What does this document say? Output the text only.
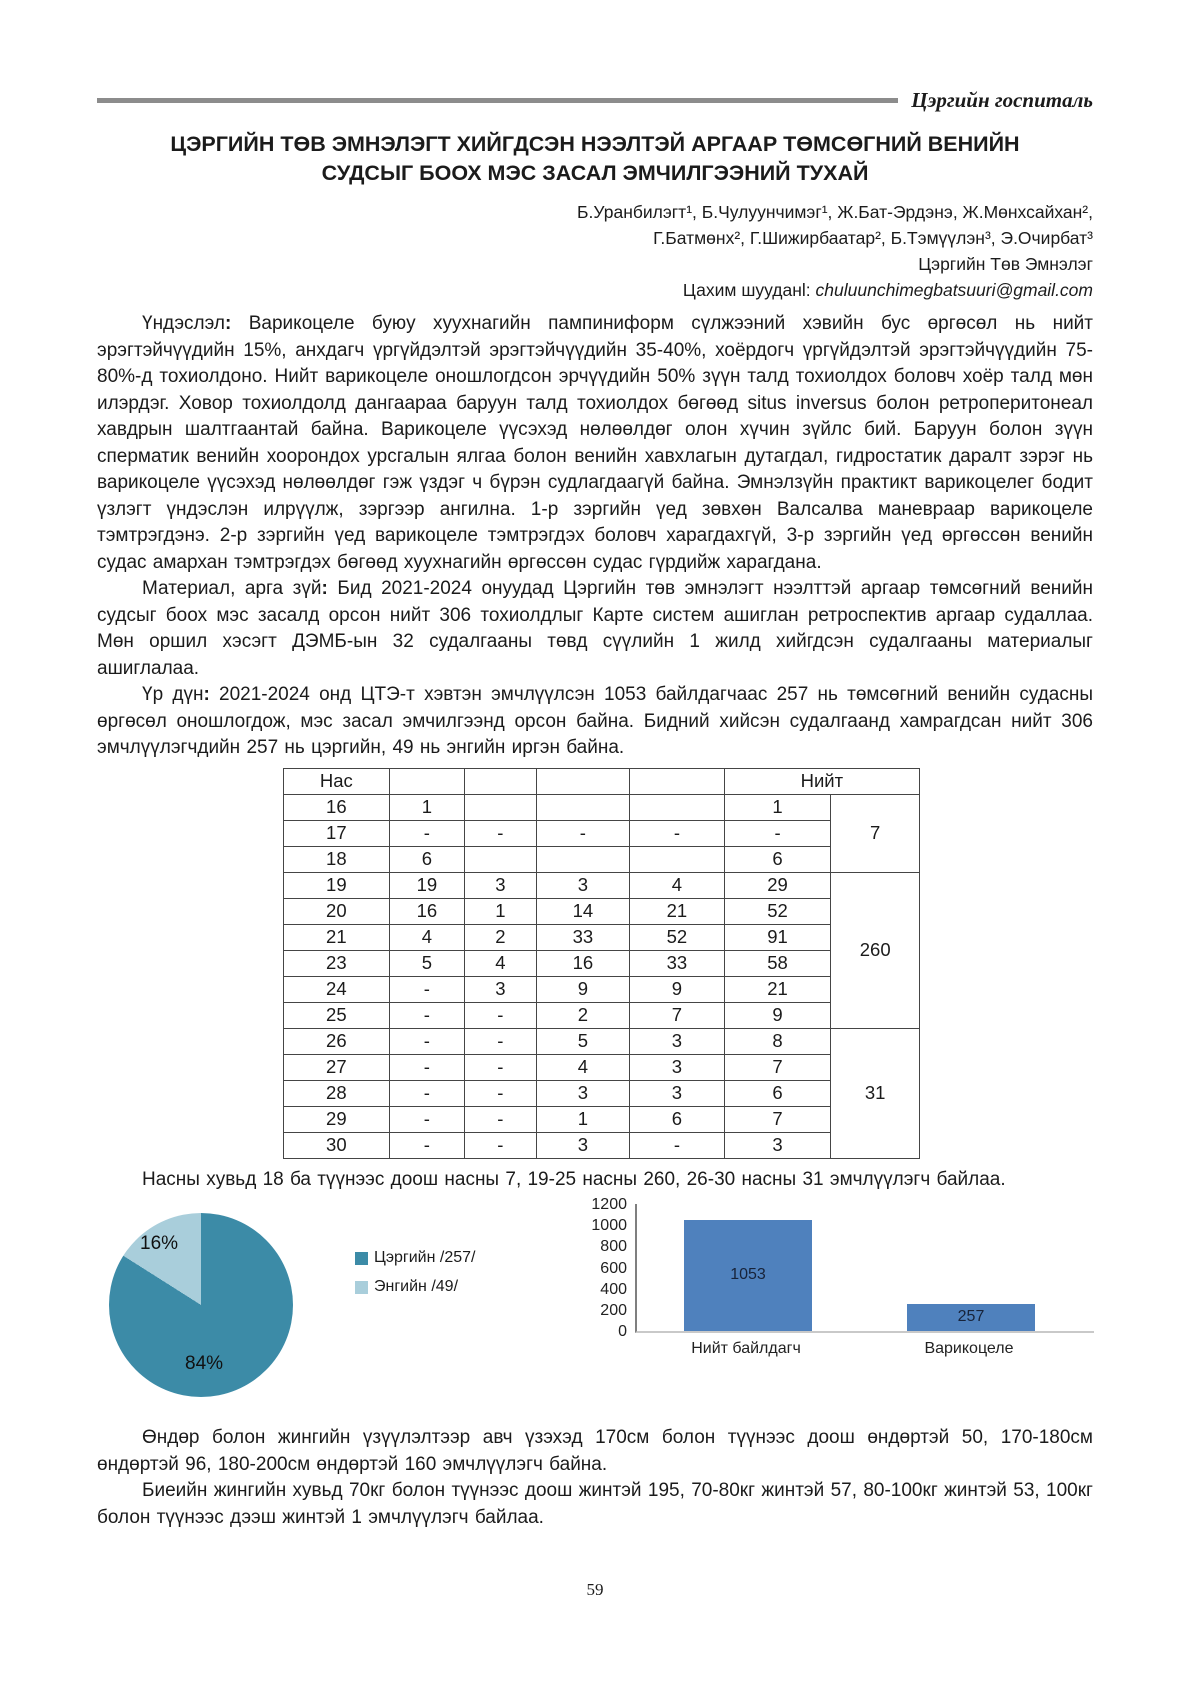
Цэргийн госпиталь
ЦЭРГИЙН ТӨВ ЭМНЭЛЭГТ ХИЙГДСЭН НЭЭЛТЭЙ АРГААР ТӨМСӨГНИЙ ВЕНИЙН
СУДСЫГ БООХ МЭС ЗАСАЛ ЭМЧИЛГЭЭНИЙ ТУХАЙ
Б.Уранбилэгт¹, Б.Чулуунчимэг¹, Ж.Бат-Эрдэнэ, Ж.Мөнхсайхан²,
Г.Батмөнх², Г.Шижирбаатар², Б.Тэмүүлэн³, Э.Очирбат³
Цэргийн Төв Эмнэлэг
Цахим шууданl: chuluunchimegbatsuuri@gmail.com

Үндэслэл: Варикоцеле буюу хуухнагийн пампиниформ сүлжээний хэвийн бус өргөсөл нь нийт эрэгтэйчүүдийн 15%, анхдагч үргүйдэлтэй эрэгтэйчүүдийн 35-40%, хоёрдогч үргүйдэлтэй эрэгтэйчүүдийн 75-80%-д тохиолдоно. Нийт варикоцеле оношлогдсон эрчүүдийн 50% зүүн талд тохиолдох боловч хоёр талд мөн илэрдэг. Ховор тохиолдолд дангаараа баруун талд тохиолдох бөгөөд situs inversus болон ретроперитонеал хавдрын шалтгаантай байна. Варикоцеле үүсэхэд нөлөөлдөг олон хүчин зүйлс бий. Баруун болон зүүн сперматик венийн хоорондох урсгалын ялгаа болон венийн хавхлагын дутагдал, гидростатик даралт зэрэг нь варикоцеле үүсэхэд нөлөөлдөг гэж үздэг ч бүрэн судлагдаагүй байна. Эмнэлзүйн практикт варикоцелег бодит үзлэгт үндэслэн илрүүлж, зэргээр ангилна. 1-р зэргийн үед зөвхөн Валсалва маневраар варикоцеле тэмтрэгдэнэ. 2-р зэргийн үед варикоцеле тэмтрэгдэх боловч харагдахгүй, 3-р зэргийн үед өргөссөн венийн судас амархан тэмтрэгдэх бөгөөд хуухнагийн өргөссөн судас гүрдийж харагдана.

Материал, арга зүй: Бид 2021-2024 онуудад Цэргийн төв эмнэлэгт нээлттэй аргаар төмсөгний венийн судсыг боох мэс засалд орсон нийт 306 тохиолдлыг Карте систем ашиглан ретроспектив аргаар судаллаа. Мөн оршил хэсэгт ДЭМБ-ын 32 судалгааны төвд сүүлийн 1 жилд хийгдсэн судалгааны материалыг ашиглалаа.

Үр дүн: 2021-2024 онд ЦТЭ-т хэвтэн эмчлүүлсэн 1053 байлдагчаас 257 нь төмсөгний венийн судасны өргөсөл оношлогдож, мэс засал эмчилгээнд орсон байна. Бидний хийсэн судалгаанд хамрагдсан нийт 306 эмчлүүлэгчдийн 257 нь цэргийн, 49 нь энгийн иргэн байна.

Нас					Нийт	
16	1				1	7
17	-	-	-	-	-	
18	6				6	
19	19	3	3	4	29	260
20	16	1	14	21	52	
21	4	2	33	52	91	
23	5	4	16	33	58	
24	-	3	9	9	21	
25	-	-	2	7	9	
26	-	-	5	3	8	31
27	-	-	4	3	7	
28	-	-	3	3	6	
29	-	-	1	6	7	
30	-	-	3	-	3	

Насны хувьд 18 ба түүнээс доош насны 7, 19-25 насны 260, 26-30 насны 31 эмчлүүлэгч байлаа.

16%
84%
Цэргийн /257/
Энгийн /49/
0
200
400
600
800
1000
1200
1053
257
Нийт байлдагч	Варикоцеле

Өндөр болон жингийн үзүүлэлтээр авч үзэхэд 170см болон түүнээс доош өндөртэй 50, 170-180см өндөртэй 96, 180-200см өндөртэй 160 эмчлүүлэгч байна.

Биеийн жингийн хувьд 70кг болон түүнээс доош жинтэй 195, 70-80кг жинтэй 57, 80-100кг жинтэй 53, 100кг болон түүнээс дээш жинтэй 1 эмчлүүлэгч байлаа.

59
